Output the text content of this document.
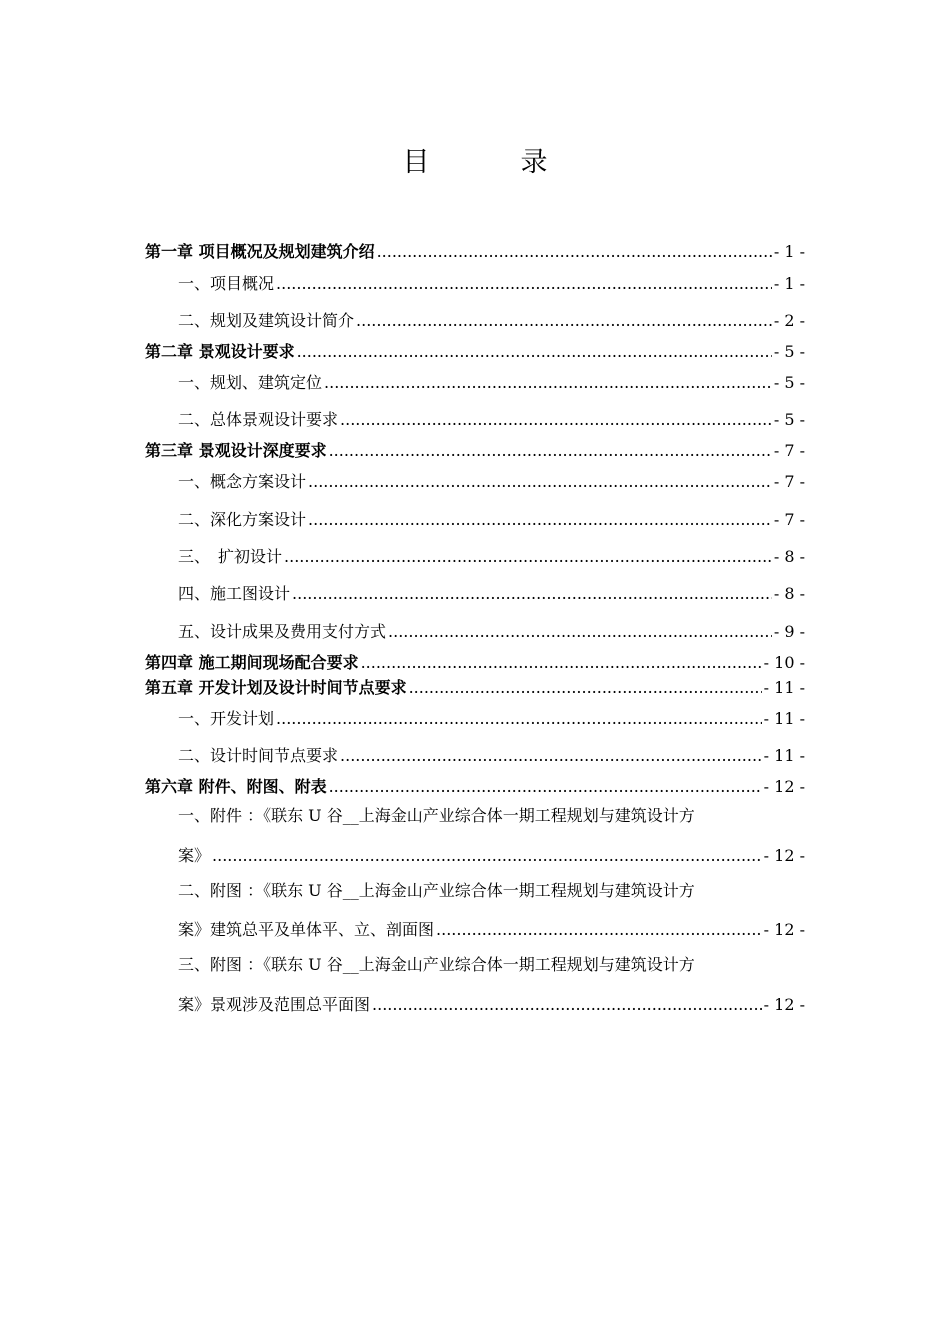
目　录
第一章 项目概况及规划建筑介绍 .....	- 1 -
一、项目概况 .....	- 1 -
二、规划及建筑设计简介 .....	- 2 -
第二章 景观设计要求 .....	- 5 -
一、规划、建筑定位 .....	- 5 -
二、总体景观设计要求 .....	- 5 -
第三章 景观设计深度要求 .....	- 7 -
一、概念方案设计 .....	- 7 -
二、深化方案设计 .....	- 7 -
三、　扩初设计 .....	- 8 -
四、施工图设计 .....	- 8 -
五、设计成果及费用支付方式 .....	- 9 -
第四章 施工期间现场配合要求 .....	- 10 -
第五章 开发计划及设计时间节点要求 .....	- 11 -
一、开发计划 .....	- 11 -
二、设计时间节点要求 .....	- 11 -
第六章 附件、附图、附表 .....	- 12 -
一、附件 ：《联东 U 谷__上海金山产业综合体一期工程规划与建筑设计方
案》 .....	- 12 -
二、附图 ：《联东 U 谷__上海金山产业综合体一期工程规划与建筑设计方
案》建筑总平及单体平、立、剖面图 .....	- 12 -
三、附图 ：《联东 U 谷__上海金山产业综合体一期工程规划与建筑设计方
案》景观涉及范围总平面图 .....	- 12 -
